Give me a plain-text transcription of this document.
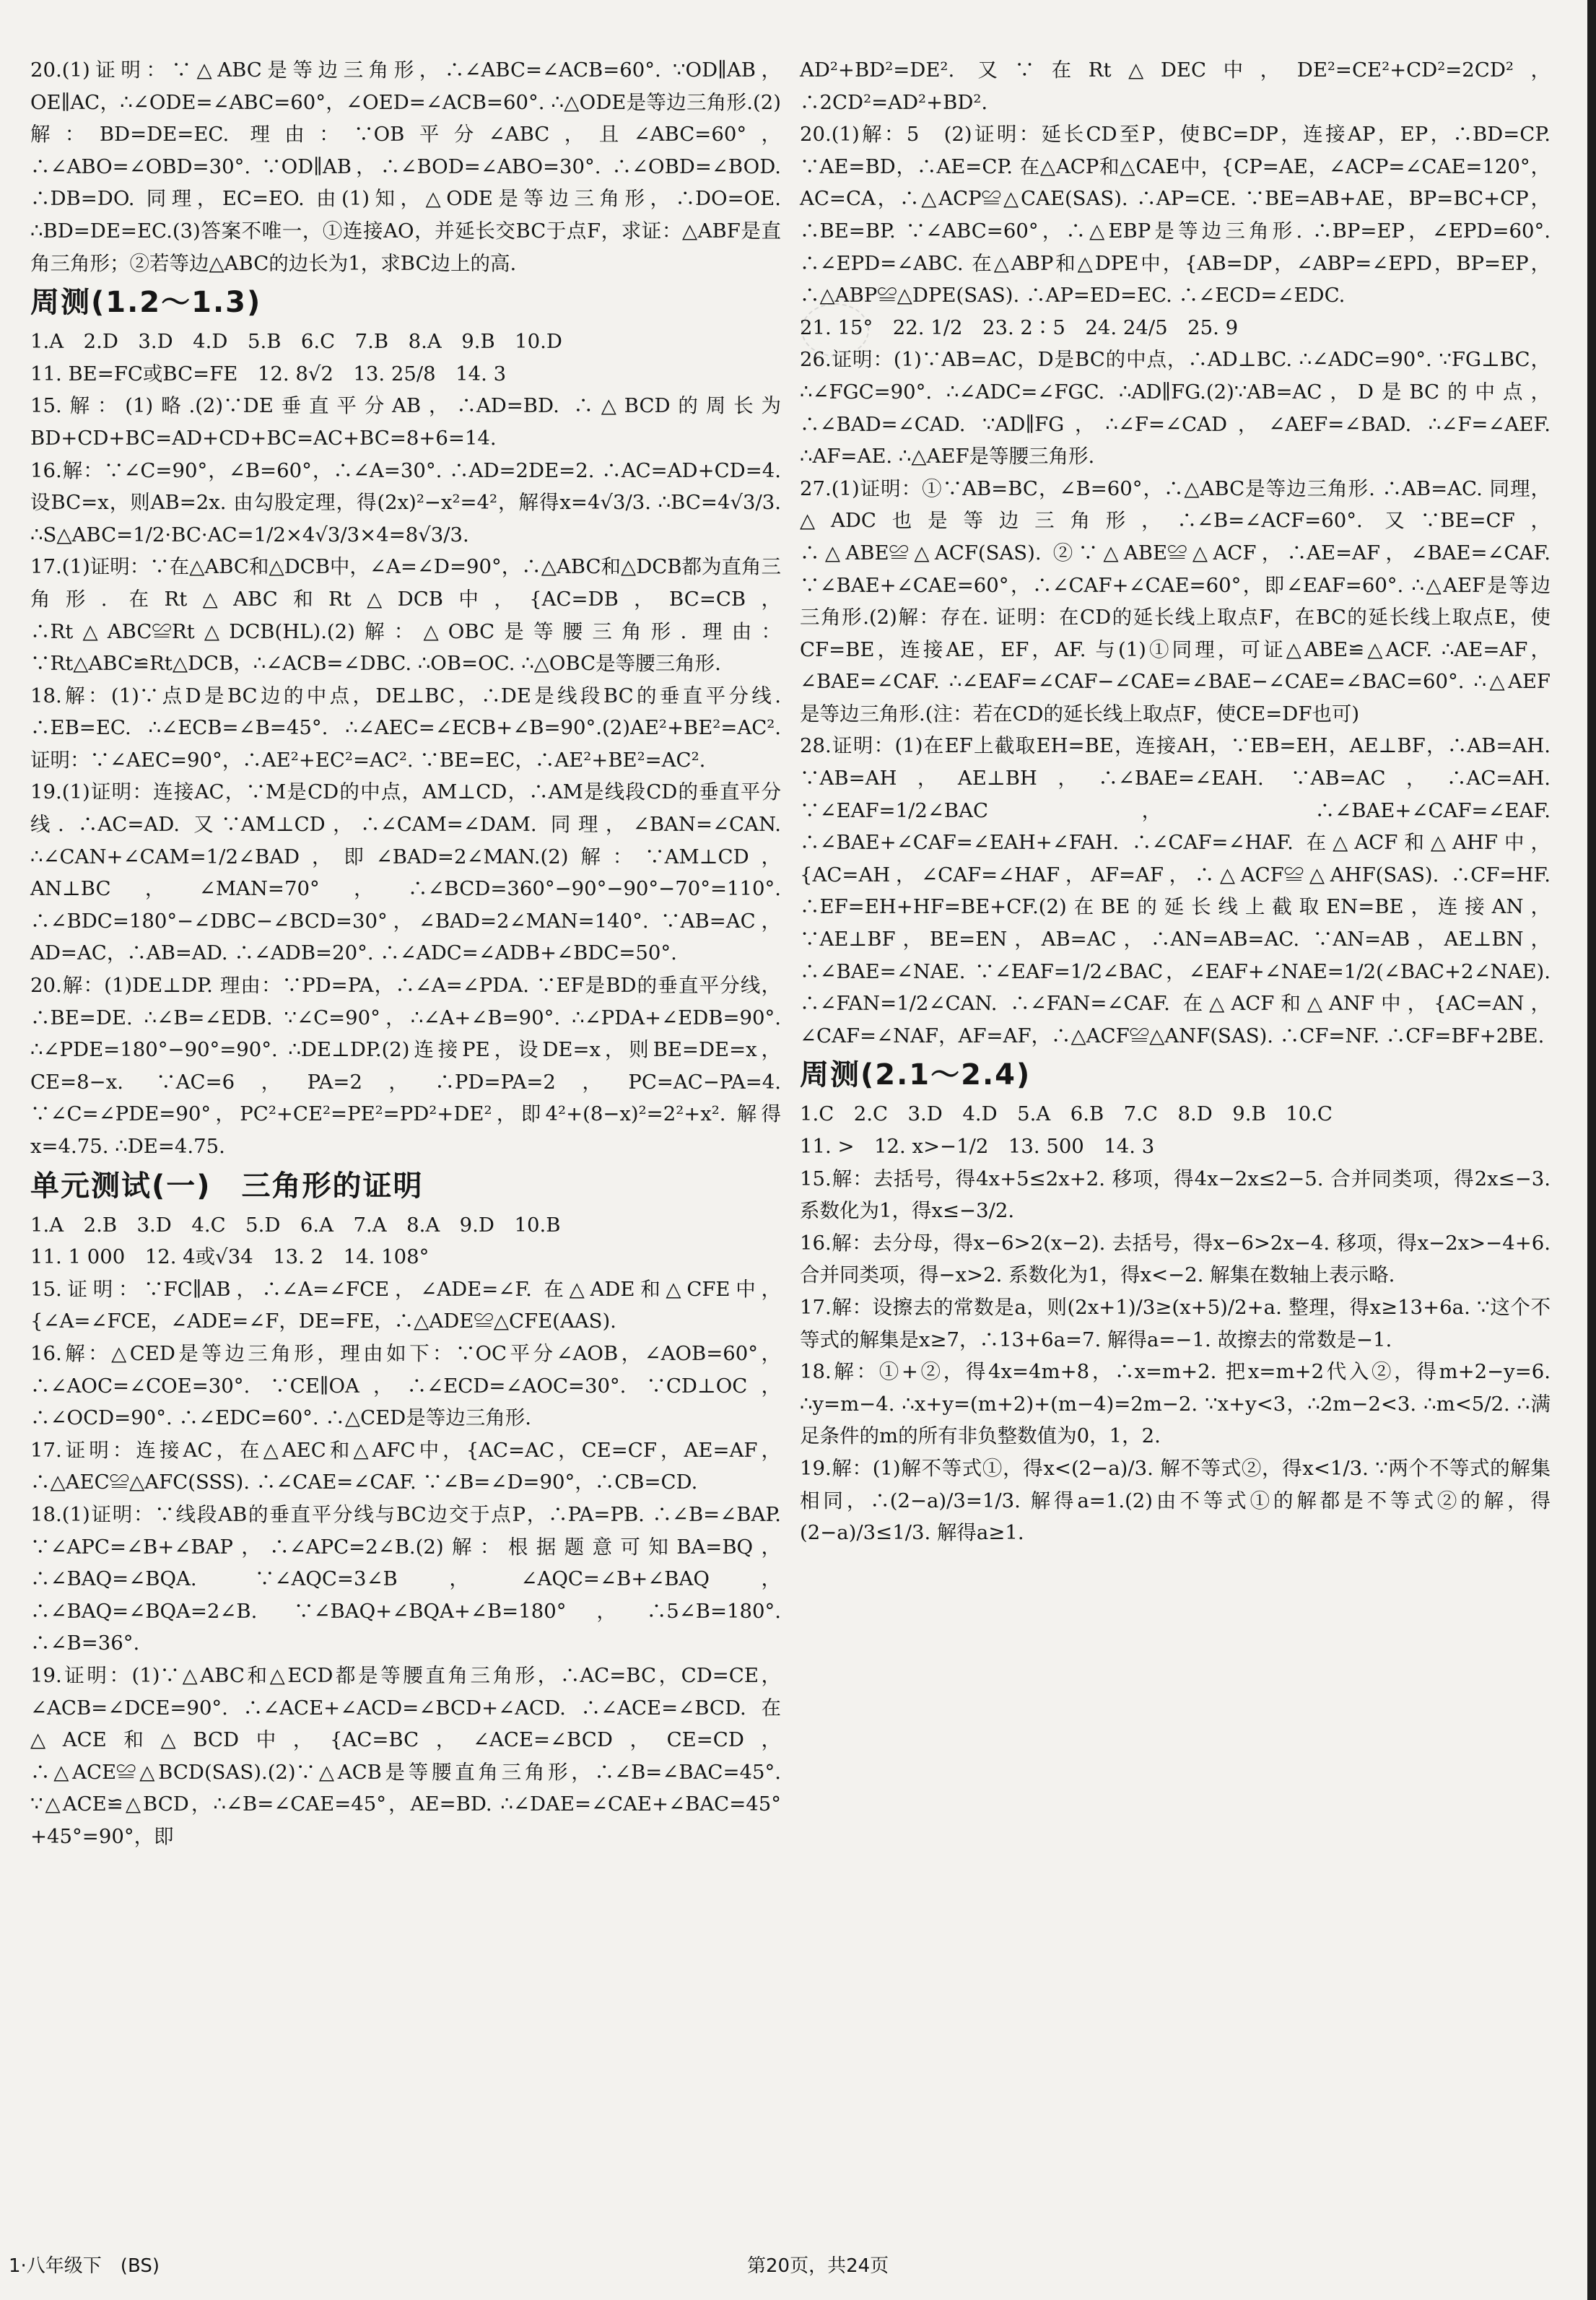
20.(1)证明：∵△ABC是等边三角形，∴∠ABC=∠ACB=60°. ∵OD∥AB，OE∥AC，∴∠ODE=∠ABC=60°，∠OED=∠ACB=60°. ∴△ODE是等边三角形.(2)解：BD=DE=EC. 理由：∵OB平分∠ABC，且∠ABC=60°，∴∠ABO=∠OBD=30°. ∵OD∥AB，∴∠BOD=∠ABO=30°. ∴∠OBD=∠BOD. ∴DB=DO. 同理，EC=EO. 由(1)知，△ODE是等边三角形，∴DO=OE. ∴BD=DE=EC.(3)答案不唯一，①连接AO，并延长交BC于点F，求证：△ABF是直角三角形；②若等边△ABC的边长为1，求BC边上的高.

周测(1.2～1.3)

1.A　2.D　3.D　4.D　5.B　6.C　7.B　8.A　9.B　10.D

11. BE=FC或BC=FE　12. 8√2　13. 25/8　14. 3

15.解：(1)略.(2)∵DE垂直平分AB，∴AD=BD. ∴△BCD的周长为BD+CD+BC=AD+CD+BC=AC+BC=8+6=14.

16.解：∵∠C=90°，∠B=60°，∴∠A=30°. ∴AD=2DE=2. ∴AC=AD+CD=4. 设BC=x，则AB=2x. 由勾股定理，得(2x)²−x²=4²，解得x=4√3/3. ∴BC=4√3/3. ∴S△ABC=1/2·BC·AC=1/2×4√3/3×4=8√3/3.

17.(1)证明：∵在△ABC和△DCB中，∠A=∠D=90°，∴△ABC和△DCB都为直角三角形. 在Rt△ABC和Rt△DCB中，{AC=DB，BC=CB，∴Rt△ABC≌Rt△DCB(HL).(2)解：△OBC是等腰三角形. 理由：∵Rt△ABC≌Rt△DCB，∴∠ACB=∠DBC. ∴OB=OC. ∴△OBC是等腰三角形.

18.解：(1)∵点D是BC边的中点，DE⊥BC，∴DE是线段BC的垂直平分线. ∴EB=EC. ∴∠ECB=∠B=45°. ∴∠AEC=∠ECB+∠B=90°.(2)AE²+BE²=AC². 证明：∵∠AEC=90°，∴AE²+EC²=AC². ∵BE=EC，∴AE²+BE²=AC².

19.(1)证明：连接AC，∵M是CD的中点，AM⊥CD，∴AM是线段CD的垂直平分线. ∴AC=AD. 又∵AM⊥CD，∴∠CAM=∠DAM. 同理，∠BAN=∠CAN. ∴∠CAN+∠CAM=1/2∠BAD，即∠BAD=2∠MAN.(2)解：∵AM⊥CD，AN⊥BC，∠MAN=70°，∴∠BCD=360°−90°−90°−70°=110°. ∴∠BDC=180°−∠DBC−∠BCD=30°，∠BAD=2∠MAN=140°. ∵AB=AC，AD=AC，∴AB=AD. ∴∠ADB=20°. ∴∠ADC=∠ADB+∠BDC=50°.

20.解：(1)DE⊥DP. 理由：∵PD=PA，∴∠A=∠PDA. ∵EF是BD的垂直平分线，∴BE=DE. ∴∠B=∠EDB. ∵∠C=90°，∴∠A+∠B=90°. ∴∠PDA+∠EDB=90°. ∴∠PDE=180°−90°=90°. ∴DE⊥DP.(2)连接PE，设DE=x，则BE=DE=x，CE=8−x. ∵AC=6，PA=2，∴PD=PA=2，PC=AC−PA=4. ∵∠C=∠PDE=90°，PC²+CE²=PE²=PD²+DE²，即4²+(8−x)²=2²+x². 解得x=4.75. ∴DE=4.75.

单元测试(一)　三角形的证明

1.A　2.B　3.D　4.C　5.D　6.A　7.A　8.A　9.D　10.B

11. 1 000　12. 4或√34　13. 2　14. 108°

15.证明：∵FC∥AB，∴∠A=∠FCE，∠ADE=∠F. 在△ADE和△CFE中，{∠A=∠FCE，∠ADE=∠F，DE=FE，∴△ADE≌△CFE(AAS).

16.解：△CED是等边三角形，理由如下：∵OC平分∠AOB，∠AOB=60°，∴∠AOC=∠COE=30°. ∵CE∥OA，∴∠ECD=∠AOC=30°. ∵CD⊥OC，∴∠OCD=90°. ∴∠EDC=60°. ∴△CED是等边三角形.

17.证明：连接AC，在△AEC和△AFC中，{AC=AC，CE=CF，AE=AF，∴△AEC≌△AFC(SSS). ∴∠CAE=∠CAF. ∵∠B=∠D=90°，∴CB=CD.

18.(1)证明：∵线段AB的垂直平分线与BC边交于点P，∴PA=PB. ∴∠B=∠BAP. ∵∠APC=∠B+∠BAP，∴∠APC=2∠B.(2)解：根据题意可知BA=BQ，∴∠BAQ=∠BQA. ∵∠AQC=3∠B，∠AQC=∠B+∠BAQ，∴∠BAQ=∠BQA=2∠B. ∵∠BAQ+∠BQA+∠B=180°，∴5∠B=180°. ∴∠B=36°.

19.证明：(1)∵△ABC和△ECD都是等腰直角三角形，∴AC=BC，CD=CE，∠ACB=∠DCE=90°. ∴∠ACE+∠ACD=∠BCD+∠ACD. ∴∠ACE=∠BCD. 在△ACE和△BCD中，{AC=BC，∠ACE=∠BCD，CE=CD，∴△ACE≌△BCD(SAS).(2)∵△ACB是等腰直角三角形，∴∠B=∠BAC=45°. ∵△ACE≌△BCD，∴∠B=∠CAE=45°，AE=BD. ∴∠DAE=∠CAE+∠BAC=45°+45°=90°，即

AD²+BD²=DE². 又∵在Rt△DEC中，DE²=CE²+CD²=2CD²，∴2CD²=AD²+BD².

20.(1)解：5　(2)证明：延长CD至P，使BC=DP，连接AP，EP，∴BD=CP. ∵AE=BD，∴AE=CP. 在△ACP和△CAE中，{CP=AE，∠ACP=∠CAE=120°，AC=CA，∴△ACP≌△CAE(SAS). ∴AP=CE. ∵BE=AB+AE，BP=BC+CP，∴BE=BP. ∵∠ABC=60°，∴△EBP是等边三角形. ∴BP=EP，∠EPD=60°. ∴∠EPD=∠ABC. 在△ABP和△DPE中，{AB=DP，∠ABP=∠EPD，BP=EP，∴△ABP≌△DPE(SAS). ∴AP=ED=EC. ∴∠ECD=∠EDC.

21. 15°　22. 1/2　23. 2∶5　24. 24/5　25. 9

26.证明：(1)∵AB=AC，D是BC的中点，∴AD⊥BC. ∴∠ADC=90°. ∵FG⊥BC，∴∠FGC=90°. ∴∠ADC=∠FGC. ∴AD∥FG.(2)∵AB=AC，D是BC的中点，∴∠BAD=∠CAD. ∵AD∥FG，∴∠F=∠CAD，∠AEF=∠BAD. ∴∠F=∠AEF. ∴AF=AE. ∴△AEF是等腰三角形.

27.(1)证明：①∵AB=BC，∠B=60°，∴△ABC是等边三角形. ∴AB=AC. 同理，△ADC也是等边三角形，∴∠B=∠ACF=60°. 又∵BE=CF，∴△ABE≌△ACF(SAS). ②∵△ABE≌△ACF，∴AE=AF，∠BAE=∠CAF. ∵∠BAE+∠CAE=60°，∴∠CAF+∠CAE=60°，即∠EAF=60°. ∴△AEF是等边三角形.(2)解：存在. 证明：在CD的延长线上取点F，在BC的延长线上取点E，使CF=BE，连接AE，EF，AF. 与(1)①同理，可证△ABE≌△ACF. ∴AE=AF，∠BAE=∠CAF. ∴∠EAF=∠CAF−∠CAE=∠BAE−∠CAE=∠BAC=60°. ∴△AEF是等边三角形.(注：若在CD的延长线上取点F，使CE=DF也可)

28.证明：(1)在EF上截取EH=BE，连接AH，∵EB=EH，AE⊥BF，∴AB=AH. ∵AB=AH，AE⊥BH，∴∠BAE=∠EAH. ∵AB=AC，∴AC=AH. ∵∠EAF=1/2∠BAC，∴∠BAE+∠CAF=∠EAF. ∴∠BAE+∠CAF=∠EAH+∠FAH. ∴∠CAF=∠HAF. 在△ACF和△AHF中，{AC=AH，∠CAF=∠HAF，AF=AF，∴△ACF≌△AHF(SAS). ∴CF=HF. ∴EF=EH+HF=BE+CF.(2)在BE的延长线上截取EN=BE，连接AN，∵AE⊥BF，BE=EN，AB=AC，∴AN=AB=AC. ∵AN=AB，AE⊥BN，∴∠BAE=∠NAE. ∵∠EAF=1/2∠BAC，∠EAF+∠NAE=1/2(∠BAC+2∠NAE). ∴∠FAN=1/2∠CAN. ∴∠FAN=∠CAF. 在△ACF和△ANF中，{AC=AN，∠CAF=∠NAF，AF=AF，∴△ACF≌△ANF(SAS). ∴CF=NF. ∴CF=BF+2BE.

周测(2.1～2.4)

1.C　2.C　3.D　4.D　5.A　6.B　7.C　8.D　9.B　10.C

11. >　12. x>−1/2　13. 500　14. 3

15.解：去括号，得4x+5≤2x+2. 移项，得4x−2x≤2−5. 合并同类项，得2x≤−3. 系数化为1，得x≤−3/2.

16.解：去分母，得x−6>2(x−2). 去括号，得x−6>2x−4. 移项，得x−2x>−4+6. 合并同类项，得−x>2. 系数化为1，得x<−2. 解集在数轴上表示略.

17.解：设擦去的常数是a，则(2x+1)/3≥(x+5)/2+a. 整理，得x≥13+6a. ∵这个不等式的解集是x≥7，∴13+6a=7. 解得a=−1. 故擦去的常数是−1.

18.解：①+②，得4x=4m+8，∴x=m+2. 把x=m+2代入②，得m+2−y=6. ∴y=m−4. ∴x+y=(m+2)+(m−4)=2m−2. ∵x+y<3，∴2m−2<3. ∴m<5/2. ∴满足条件的m的所有非负整数值为0，1，2.

19.解：(1)解不等式①，得x<(2−a)/3. 解不等式②，得x<1/3. ∵两个不等式的解集相同，∴(2−a)/3=1/3. 解得a=1.(2)由不等式①的解都是不等式②的解，得(2−a)/3≤1/3. 解得a≥1.

1·八年级下　(BS)	第20页，共24页
